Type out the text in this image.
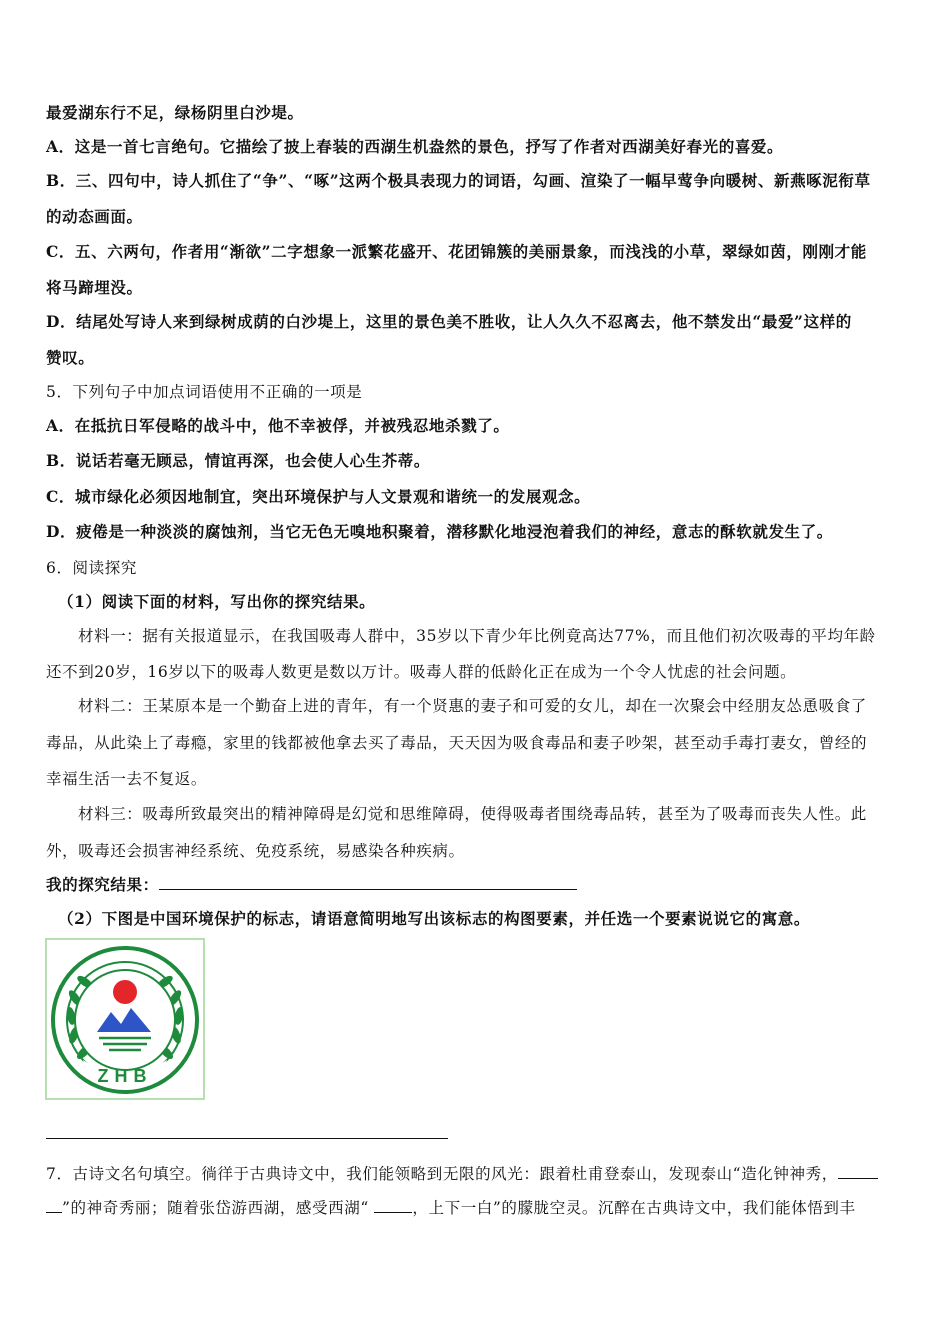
最爱湖东行不足，绿杨阴里白沙堤。
A．这是一首七言绝句。它描绘了披上春装的西湖生机盎然的景色，抒写了作者对西湖美好春光的喜爱。
B．三、四句中，诗人抓住了“争”、“啄”这两个极具表现力的词语，勾画、渲染了一幅早莺争向暖树、新燕啄泥衔草
的动态画面。
C．五、六两句，作者用“渐欲”二字想象一派繁花盛开、花团锦簇的美丽景象，而浅浅的小草，翠绿如茵，刚刚才能
将马蹄埋没。
D．结尾处写诗人来到绿树成荫的白沙堤上，这里的景色美不胜收，让人久久不忍离去，他不禁发出“最爱”这样的
赞叹。
5．下列句子中加点词语使用不正确的一项是
A．在抵抗日军侵略的战斗中，他不幸被俘，并被残忍地杀戮了。
B．说话若毫无顾忌，情谊再深，也会使人心生芥蒂。
C．城市绿化必须因地制宜，突出环境保护与人文景观和谐统一的发展观念。
D．疲倦是一种淡淡的腐蚀剂，当它无色无嗅地积聚着，潜移默化地浸泡着我们的神经，意志的酥软就发生了。
6．阅读探究
（1）阅读下面的材料，写出你的探究结果。
材料一：据有关报道显示，在我国吸毒人群中，35岁以下青少年比例竟高达77%，而且他们初次吸毒的平均年龄
还不到20岁，16岁以下的吸毒人数更是数以万计。吸毒人群的低龄化正在成为一个令人忧虑的社会问题。
材料二：王某原本是一个勤奋上进的青年，有一个贤惠的妻子和可爱的女儿，却在一次聚会中经朋友怂恿吸食了
毒品，从此染上了毒瘾，家里的钱都被他拿去买了毒品，天天因为吸食毒品和妻子吵架，甚至动手毒打妻女，曾经的
幸福生活一去不复返。
材料三：吸毒所致最突出的精神障碍是幻觉和思维障碍，使得吸毒者围绕毒品转，甚至为了吸毒而丧失人性。此
外，吸毒还会损害神经系统、免疫系统，易感染各种疾病。
我的探究结果：
（2）下图是中国环境保护的标志，请语意简明地写出该标志的构图要素，并任选一个要素说说它的寓意。
ZHB
7．古诗文名句填空。徜徉于古典诗文中，我们能领略到无限的风光：跟着杜甫登泰山，发现泰山“造化钟神秀，
”的神奇秀丽；随着张岱游西湖，感受西湖“ ，上下一白”的朦胧空灵。沉醉在古典诗文中，我们能体悟到丰
